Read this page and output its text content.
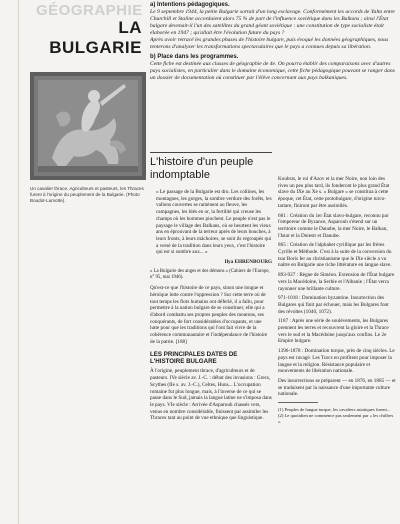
GÉOGRAPHIE
LA BULGARIE
Un cavalier thrace. Agriculteurs et pasteurs, les Thraces furent à l'origine du peuplement de la Bulgarie. (Photo Boudot-Lamotte).

a) Intentions pédagogiques.

Le 9 septembre 1944, la petite Bulgarie sortait d'un long esclavage. Conformément les accords de Yalta entre Churchill et Staline accordaient alors 75 % de part de l'influence soviétique dans les Balkans ; ainsi l'État bulgare devenait-il l'un des satellites du grand géant soviétique : une constitution de type socialiste était élaborée en 1947 ; qu'allait être l'évolution future du pays ?

Après avoir retracé les grandes phases de l'histoire bulgare, puis évoqué les données géographiques, nous tenterons d'analyser les transformations spectaculaires que le pays a connues depuis sa libération.

b) Place dans les programmes.

Cette fiche est destinée aux classes de géographie de 4e. On pourra établir des comparaisons avec d'autres pays socialistes, en particulier dans le domaine économique, cette fiche pédagogique pouvant se ranger dans un dossier de documentation où constituer par l'élève concernant aux pays balkaniques.

L'histoire d'un peuple indomptable

« Le passage de la Bulgarie est dru. Les collines, les montagnes, les gorges, la sombre verdure des forêts, les vallons couvertes se ramènent au fleuve, les campagnes, les blés en or, la fertilité qui creuse les champs où les hommes piochent. Le peuple n'est pas le paysage le village des Balkans, où se heurtent les vieux ans en éprouvant de la terreur après de leurs bouches, à leurs fronts, à leurs mâchoires, se sont ils regroupés qui a versé de la tradition dans leurs yeux, c'est l'histoire qui est si sombre aux... »

Ilya EHRENBOURG

« La Bulgarie des anges et des démons » (Cahiers de l'Europe, n° 95, mai 1946).

Qu'est-ce que l'histoire de ce pays, sinon une longue et héroïque lutte contre l'oppression ? Sur cette terre où de tout temps les flots humains ont déferlé, il a fallu, pour permettre à la nation bulgare de se constituer, elle qui a d'abord combattu ses propres peuples des moutons, ses conquérants, de fort considérables d'occupants, et une lutte pour que les traditions qui l'ont fait vivre de la cohérence communautaire et l'indépendance de l'histoire de la patrie. [188]

LES PRINCIPALES DATES DE L'HISTOIRE BULGARE

À l'origine, peuplement thrace, d'agriculteurs et de pasteurs. IVe siècle av. J.-C. : début des invasions : Grecs, Scythes (IIe s. av. J.-C.), Celtes, Huns... L'occupation romaine fut plus longue, mais, à l'inverse de ce qui se passe dans le Sud, jamais la langue latine ne s'imposa dans le pays. VIe siècle : Arrivée d'Asparouh chassés vers, venus en nombre considérable, finissent par assimiler les Thraces tant au point de vue ethnique que linguistique.

Koubrat, le roi d'Azov et la mer Noire, non loin des rives un peu plus tard, ils fonderont le plus grand État slave du IXe au Xe s. « Bulgare » se constitua à cette époque, cet État, cette protobulgare, d'origine turco-tartare, finiront par être assimilés.

681 : Création du 1er État slavo-bulgare, reconnu par l'empereur de Byzance, Asparouh s'étend sur un territoire comme le Danube, la mer Noire, le Balkan, l'Istar et la Dniestr et Danube.

865 : Création de l'alphabet cyrillique par les frères Cyrille et Méthode. C'est à la suite de la conversion du tsar Boris Ier au christianisme que le IXe siècle a vu naître en Bulgarie une riche littérature en langue slave.

893-927 : Règne de Siméon. Extension de l'État bulgare vers la Macédoine, la Serbie et l'Albanie ; l'État verra rayonner une brillante culture.

971-1018 : Domination byzantine. Insurrection des Bulgares qui finit par échouer, mais les Bulgares font des révoltes (1040, 1072).

1187 : Après une série de soulèvements, les Bulgares prennent les terres et recouvrent la gloire et la Thrace vers le sud et la Macédoine jusqu'aux confins. Le 2e Empire bulgare.

1396-1878 : Domination turque, près de cinq siècles. Le pays est ravagé. Les Turcs en profitent pour imposer la langue et la religion. Résistance populaire et mouvements de libération nationale.

Des insurrections se préparent — en 1876, en 1885 — et se traduisent par la naissance d'une importante culture nationale.

(1) Peuples de langue turque, les cavaliers asiatiques furent...
(2) Le quotidien ne commence pas seulement par « les chiffres ».
